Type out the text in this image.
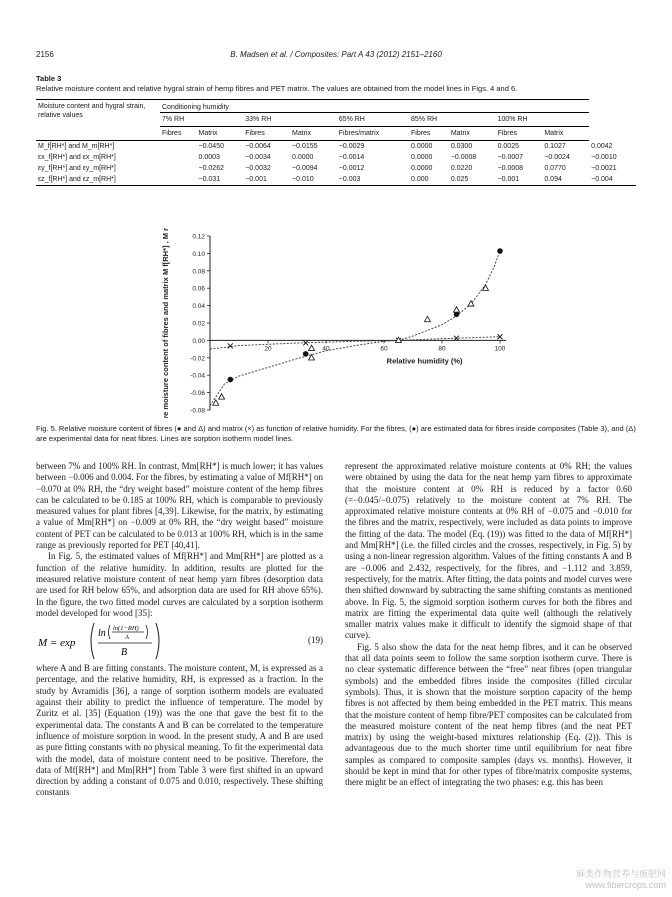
2156	B. Madsen et al. / Composites: Part A 43 (2012) 2151–2160
Table 3
Relative moisture content and relative hygral strain of hemp fibres and PET matrix. The values are obtained from the model lines in Figs. 4 and 6.
Moisture content and hygral strain, relative values	Conditioning humidity									
	7% RH		33% RH		65% RH	85% RH		100% RH		
	Fibres	Matrix	Fibres	Matrix	Fibres/matrix	Fibres	Matrix	Fibres	Matrix	
M_f[RH*] and M_m[RH*]		−0.0450	−0.0064	−0.0155	−0.0029	0.0000	0.0300	0.0025	0.1027	0.0042
εx_f[RH*] and εx_m[RH*]		0.0003	−0.0034	0.0000	−0.0014	0.0000	−0.0008	−0.0007	−0.0024	−0.0010
εy_f[RH*] and εy_m[RH*]		−0.0262	−0.0032	−0.0094	−0.0012	0.0000	0.0220	−0.0008	0.0770	−0.0021
εz_f[RH*] and εz_m[RH*]		−0.031	−0.001	−0.010	−0.003	0.000	0.025	−0.001	0.094	−0.004
-0.08
-0.06
-0.04
-0.02
0.00
0.02
0.04
0.06
0.08
0.10
0.12
20	40	60	80	100
Relative humidity (%)
Relative moisture content of fibres and matrix M f[RH*] , M m[RH*]
Fig. 5. Relative moisture content of fibres (● and Δ) and matrix (×) as function of relative humidity. For the fibres, (●) are estimated data for fibres inside composites (Table 3), and (Δ) are experimental data for neat fibres. Lines are sorption isotherm model lines.

between 7% and 100% RH. In contrast, Mm[RH*] is much lower; it has values between −0.006 and 0.004. For the fibres, by estimating a value of Mf[RH*] on −0.070 at 0% RH, the “dry weight based” moisture content of the hemp fibres can be calculated to be 0.185 at 100% RH, which is comparable to previously measured values for plant fibres [4,39]. Likewise, for the matrix, by estimating a value of Mm[RH*] on −0.009 at 0% RH, the “dry weight based” moisture content of PET can be calculated to be 0.013 at 100% RH, which is in the same range as previously reported for PET [40,41].

In Fig. 5, the estimated values of Mf[RH*] and Mm[RH*] are plotted as a function of the relative humidity. In addition, results are plotted for the measured relative moisture content of neat hemp yarn fibres (desorption data are used for RH below 65%, and adsorption data are used for RH above 65%). In the figure, the two fitted model curves are calculated by a sorption isotherm model developed for wood [35]:

M = exp
ln ln(1−RH)
A
B
(19)

where A and B are fitting constants. The moisture content, M, is expressed as a percentage, and the relative humidity, RH, is expressed as a fraction. In the study by Avramidis [36], a range of sorption isotherm models are evaluated against their ability to predict the influence of temperature. The model by Zuritz et al. [35] (Equation (19)) was the one that gave the best fit to the experimental data. The constants A and B can be correlated to the temperature influence of moisture sorption in wood. In the present study, A and B are used as pure fitting constants with no physical meaning. To fit the experimental data with the model, data of moisture content need to be positive. Therefore, the data of Mf[RH*] and Mm[RH*] from Table 3 were first shifted in an upward direction by adding a constant of 0.075 and 0.010, respectively. These shifting constants

represent the approximated relative moisture contents at 0% RH; the values were obtained by using the data for the neat hemp yarn fibres to approximate that the moisture content at 0% RH is reduced by a factor 0.60 (=−0.045/−0.075) relatively to the moisture content at 7% RH. The approximated relative moisture contents at 0% RH of −0.075 and −0.010 for the fibres and the matrix, respectively, were included as data points to improve the fitting of the data. The model (Eq. (19)) was fitted to the data of Mf[RH*] and Mm[RH*] (i.e. the filled circles and the crosses, respectively, in Fig. 5) by using a non-linear regression algorithm. Values of the fitting constants A and B are −0.006 and 2.432, respectively, for the fibres, and −1.112 and 3.859, respectively, for the matrix. After fitting, the data points and model curves were then shifted downward by subtracting the same shifting constants as mentioned above. In Fig. 5, the sigmoid sorption isotherm curves for both the fibres and matrix are fitting the experimental data quite well (although the relatively smaller matrix values make it difficult to identify the sigmoid shape of that curve).

Fig. 5 also show the data for the neat hemp fibres, and it can be observed that all data points seem to follow the same sorption isotherm curve. There is no clear systematic difference between the “free” neat fibres (open triangular symbols) and the embedded fibres inside the composites (filled circular symbols). Thus, it is shown that the moisture sorption capacity of the hemp fibres is not affected by them being embedded in the PET matrix. This means that the moisture content of hemp fibre/PET composites can be calculated from the measured moisture content of the neat hemp fibres (and the neat PET matrix) by using the weight-based mixtures relationship (Eq. (2)). This is advantageous due to the much shorter time until equilibrium for neat fibre samples as compared to composite samples (days vs. months). However, it should be kept in mind that for other types of fibre/matrix composite systems, there might be an effect of integrating the two phases: e.g. this has been

麻类作物营养与施肥网
www.fibercrops.com
